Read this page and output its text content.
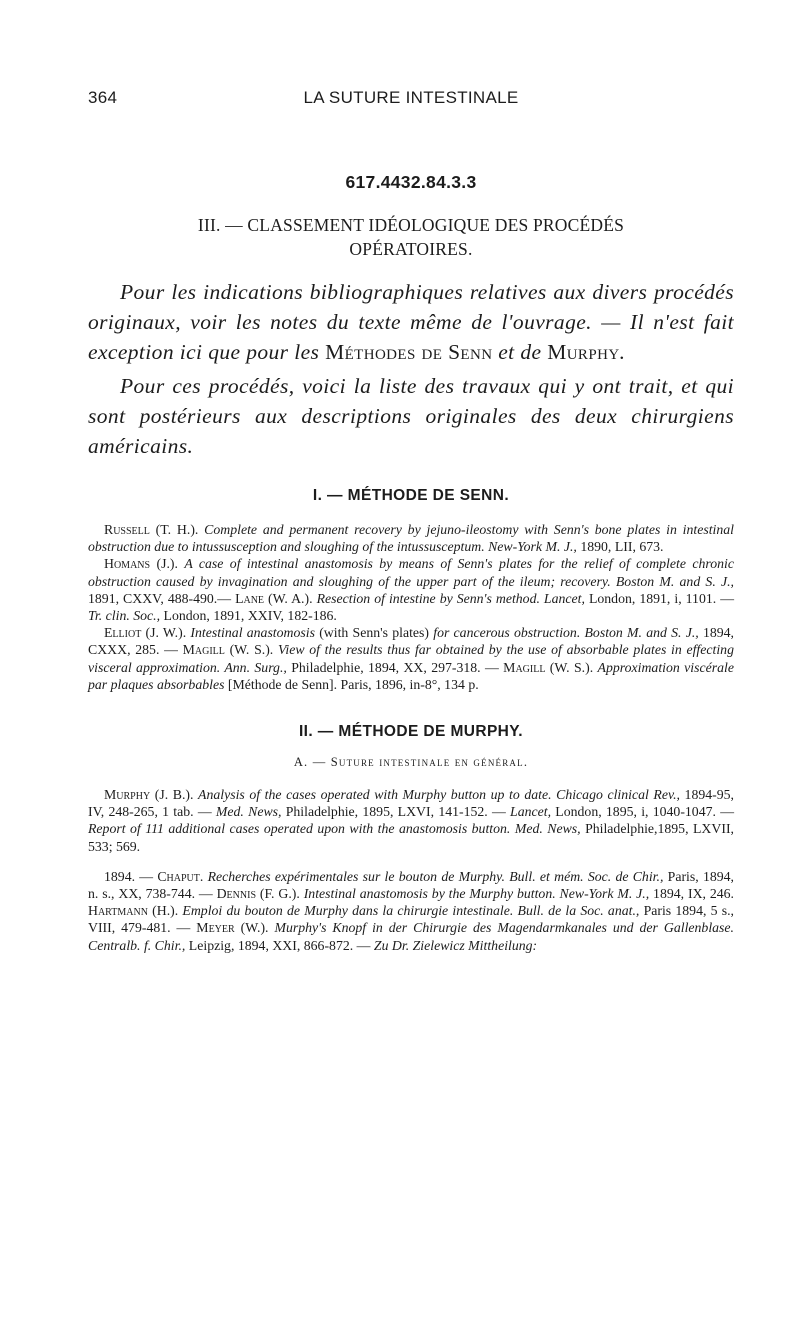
364	LA SUTURE INTESTINALE
617.4432.84.3.3
III. — CLASSEMENT IDÉOLOGIQUE DES PROCÉDÉS
OPÉRATOIRES.

Pour les indications bibliographiques relatives aux divers procédés originaux, voir les notes du texte même de l'ouvrage. — Il n'est fait exception ici que pour les Méthodes de Senn et de Murphy.

Pour ces procédés, voici la liste des travaux qui y ont trait, et qui sont postérieurs aux descriptions originales des deux chirurgiens américains.

I. — MÉTHODE DE SENN.

Russell (T. H.). Complete and permanent recovery by jejuno-ileostomy with Senn's bone plates in intestinal obstruction due to intussusception and sloughing of the intussusceptum. New-York M. J., 1890, LII, 673.

Homans (J.). A case of intestinal anastomosis by means of Senn's plates for the relief of complete chronic obstruction caused by invagination and sloughing of the upper part of the ileum; recovery. Boston M. and S. J., 1891, CXXV, 488-490.— Lane (W. A.). Resection of intestine by Senn's method. Lancet, London, 1891, i, 1101. — Tr. clin. Soc., London, 1891, XXIV, 182-186.

Elliot (J. W.). Intestinal anastomosis (with Senn's plates) for cancerous obstruction. Boston M. and S. J., 1894, CXXX, 285. — Magill (W. S.). View of the results thus far obtained by the use of absorbable plates in effecting visceral approximation. Ann. Surg., Philadelphie, 1894, XX, 297-318. — Magill (W. S.). Approximation viscérale par plaques absorbables [Méthode de Senn]. Paris, 1896, in-8°, 134 p.

II. — MÉTHODE DE MURPHY.
A. — Suture intestinale en général.

Murphy (J. B.). Analysis of the cases operated with Murphy button up to date. Chicago clinical Rev., 1894-95, IV, 248-265, 1 tab. — Med. News, Philadelphie, 1895, LXVI, 141-152. — Lancet, London, 1895, i, 1040-1047. — Report of 111 additional cases operated upon with the anastomosis button. Med. News, Philadelphie,1895, LXVII, 533; 569.

1894. — Chaput. Recherches expérimentales sur le bouton de Murphy. Bull. et mém. Soc. de Chir., Paris, 1894, n. s., XX, 738-744. — Dennis (F. G.). Intestinal anastomosis by the Murphy button. New-York M. J., 1894, IX, 246. Hartmann (H.). Emploi du bouton de Murphy dans la chirurgie intestinale. Bull. de la Soc. anat., Paris 1894, 5 s., VIII, 479-481. — Meyer (W.). Murphy's Knopf in der Chirurgie des Magendarmkanales und der Gallenblase. Centralb. f. Chir., Leipzig, 1894, XXI, 866-872. — Zu Dr. Zielewicz Mittheilung:
